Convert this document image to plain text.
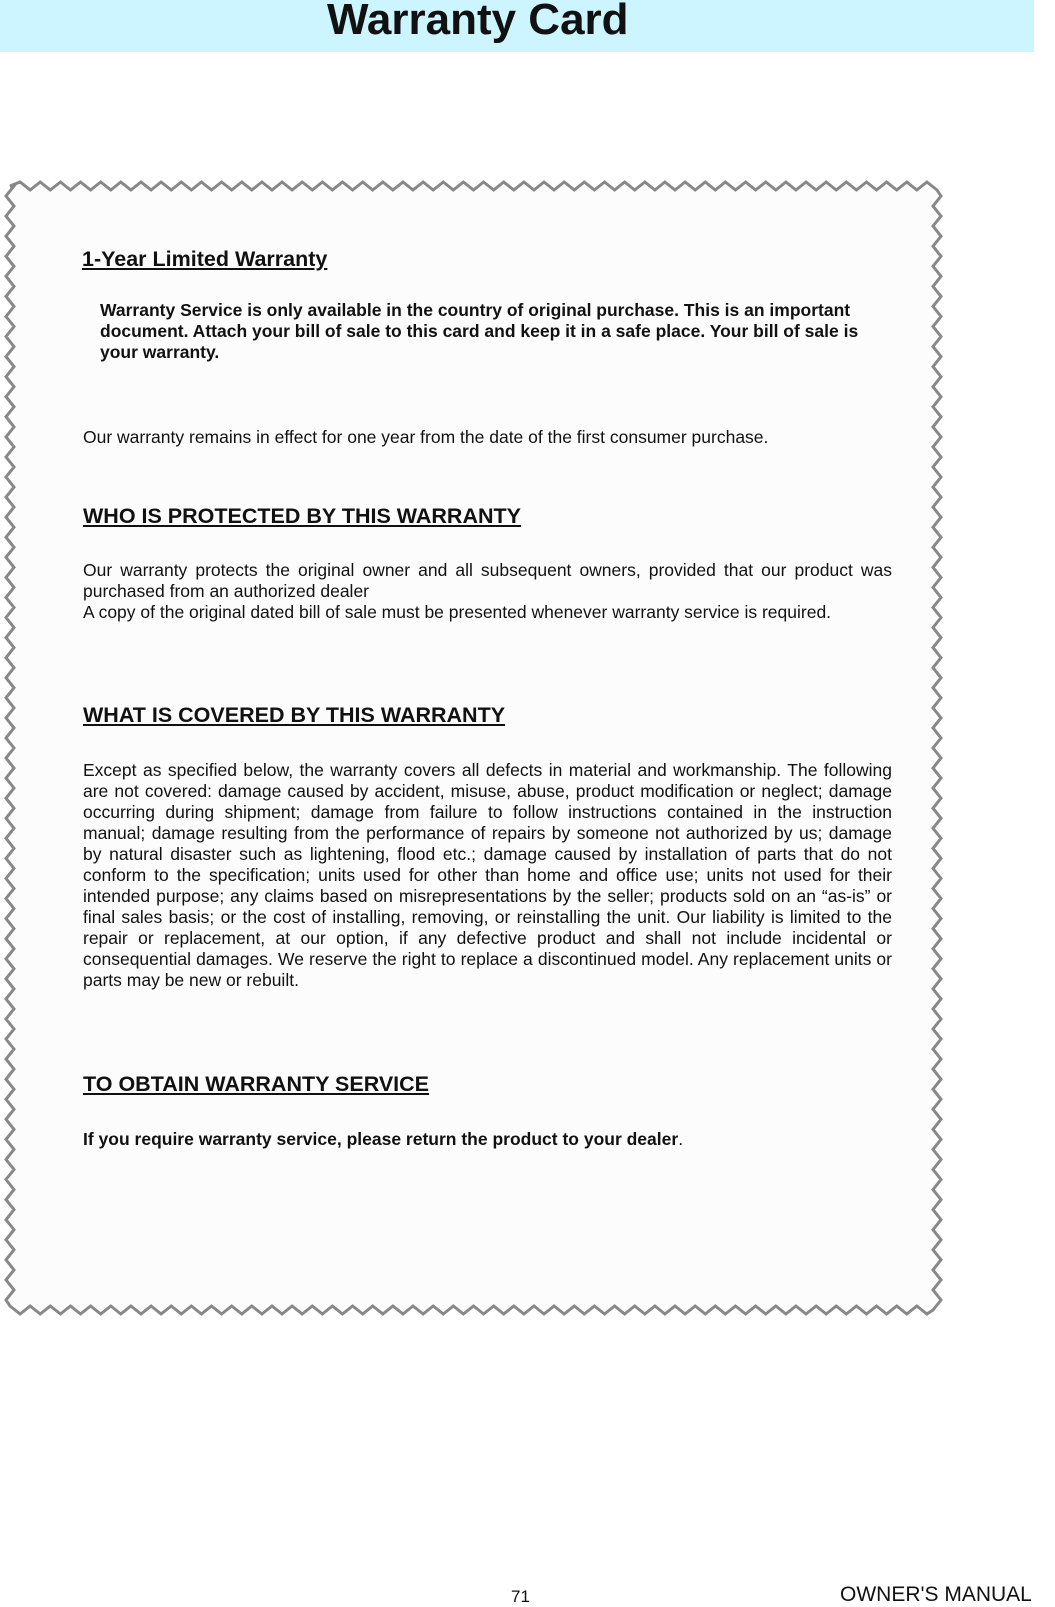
Warranty Card
1-Year Limited Warranty

Warranty Service is only available in the country of original purchase. This is an important document. Attach your bill of sale to this card and keep it in a safe place. Your bill of sale is your warranty.

Our warranty remains in effect for one year from the date of the first consumer purchase.

WHO IS PROTECTED BY THIS WARRANTY

Our warranty protects the original owner and all subsequent owners, provided that our product was purchased from an authorized dealer

A copy of the original dated bill of sale must be presented whenever warranty service is required.

WHAT IS COVERED BY THIS WARRANTY

Except as specified below, the warranty covers all defects in material and workmanship. The following are not covered: damage caused by accident, misuse, abuse, product modification or neglect; damage occurring during shipment; damage from failure to follow instructions contained in the instruction manual; damage resulting from the performance of repairs by someone not authorized by us; damage by natural disaster such as lightening, flood etc.; damage caused by installation of parts that do not conform to the specification; units used for other than home and office use; units not used for their intended purpose; any claims based on misrepresentations by the seller; products sold on an “as-is” or final sales basis; or the cost of installing, removing, or reinstalling the unit. Our liability is limited to the repair or replacement, at our option, if any defective product and shall not include incidental or consequential damages. We reserve the right to replace a discontinued model. Any replacement units or parts may be new or rebuilt.

TO OBTAIN WARRANTY SERVICE

If you require warranty service, please return the product to your dealer.

71	OWNER'S MANUAL
